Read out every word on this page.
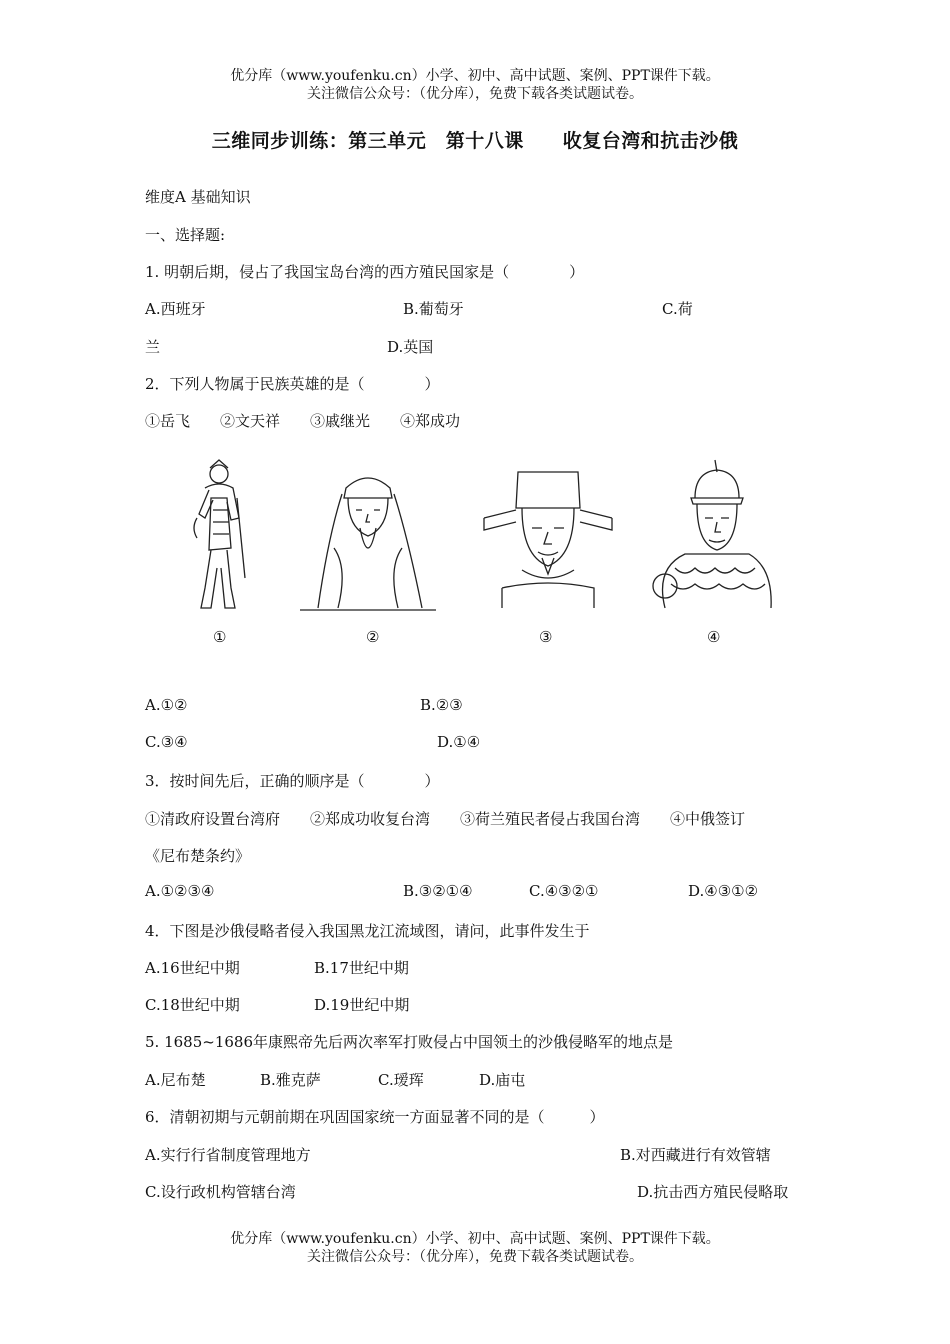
优分库（www.youfenku.cn）小学、初中、高中试题、案例、PPT课件下载。
关注微信公众号：（优分库），免费下载各类试题试卷。
三维同步训练：第三单元　第十八课　　收复台湾和抗击沙俄
维度A 基础知识
一、选择题:
1. 明朝后期，侵占了我国宝岛台湾的西方殖民国家是（　　　　）
A.西班牙	B.葡萄牙	C.荷
兰	D.英国
2．下列人物属于民族英雄的是（　　　　）
①岳飞　　②文天祥　　③戚继光　　④郑成功
①	②	③	④
A.①②	B.②③
C.③④	D.①④
3．按时间先后，正确的顺序是（　　　　）
①清政府设置台湾府　　②郑成功收复台湾　　③荷兰殖民者侵占我国台湾　　④中俄签订
《尼布楚条约》
A.①②③④	B.③②①④	C.④③②①	D.④③①②
4．下图是沙俄侵略者侵入我国黑龙江流域图，请问，此事件发生于
A.16世纪中期	B.17世纪中期
C.18世纪中期	D.19世纪中期
5. 1685~1686年康熙帝先后两次率军打败侵占中国领土的沙俄侵略军的地点是
A.尼布楚	B.雅克萨	C.瑷珲	D.庙屯
6．清朝初期与元朝前期在巩固国家统一方面显著不同的是（　　　）
A.实行行省制度管理地方	B.对西藏进行有效管辖
C.设行政机构管辖台湾	D.抗击西方殖民侵略取
优分库（www.youfenku.cn）小学、初中、高中试题、案例、PPT课件下载。
关注微信公众号：（优分库），免费下载各类试题试卷。
